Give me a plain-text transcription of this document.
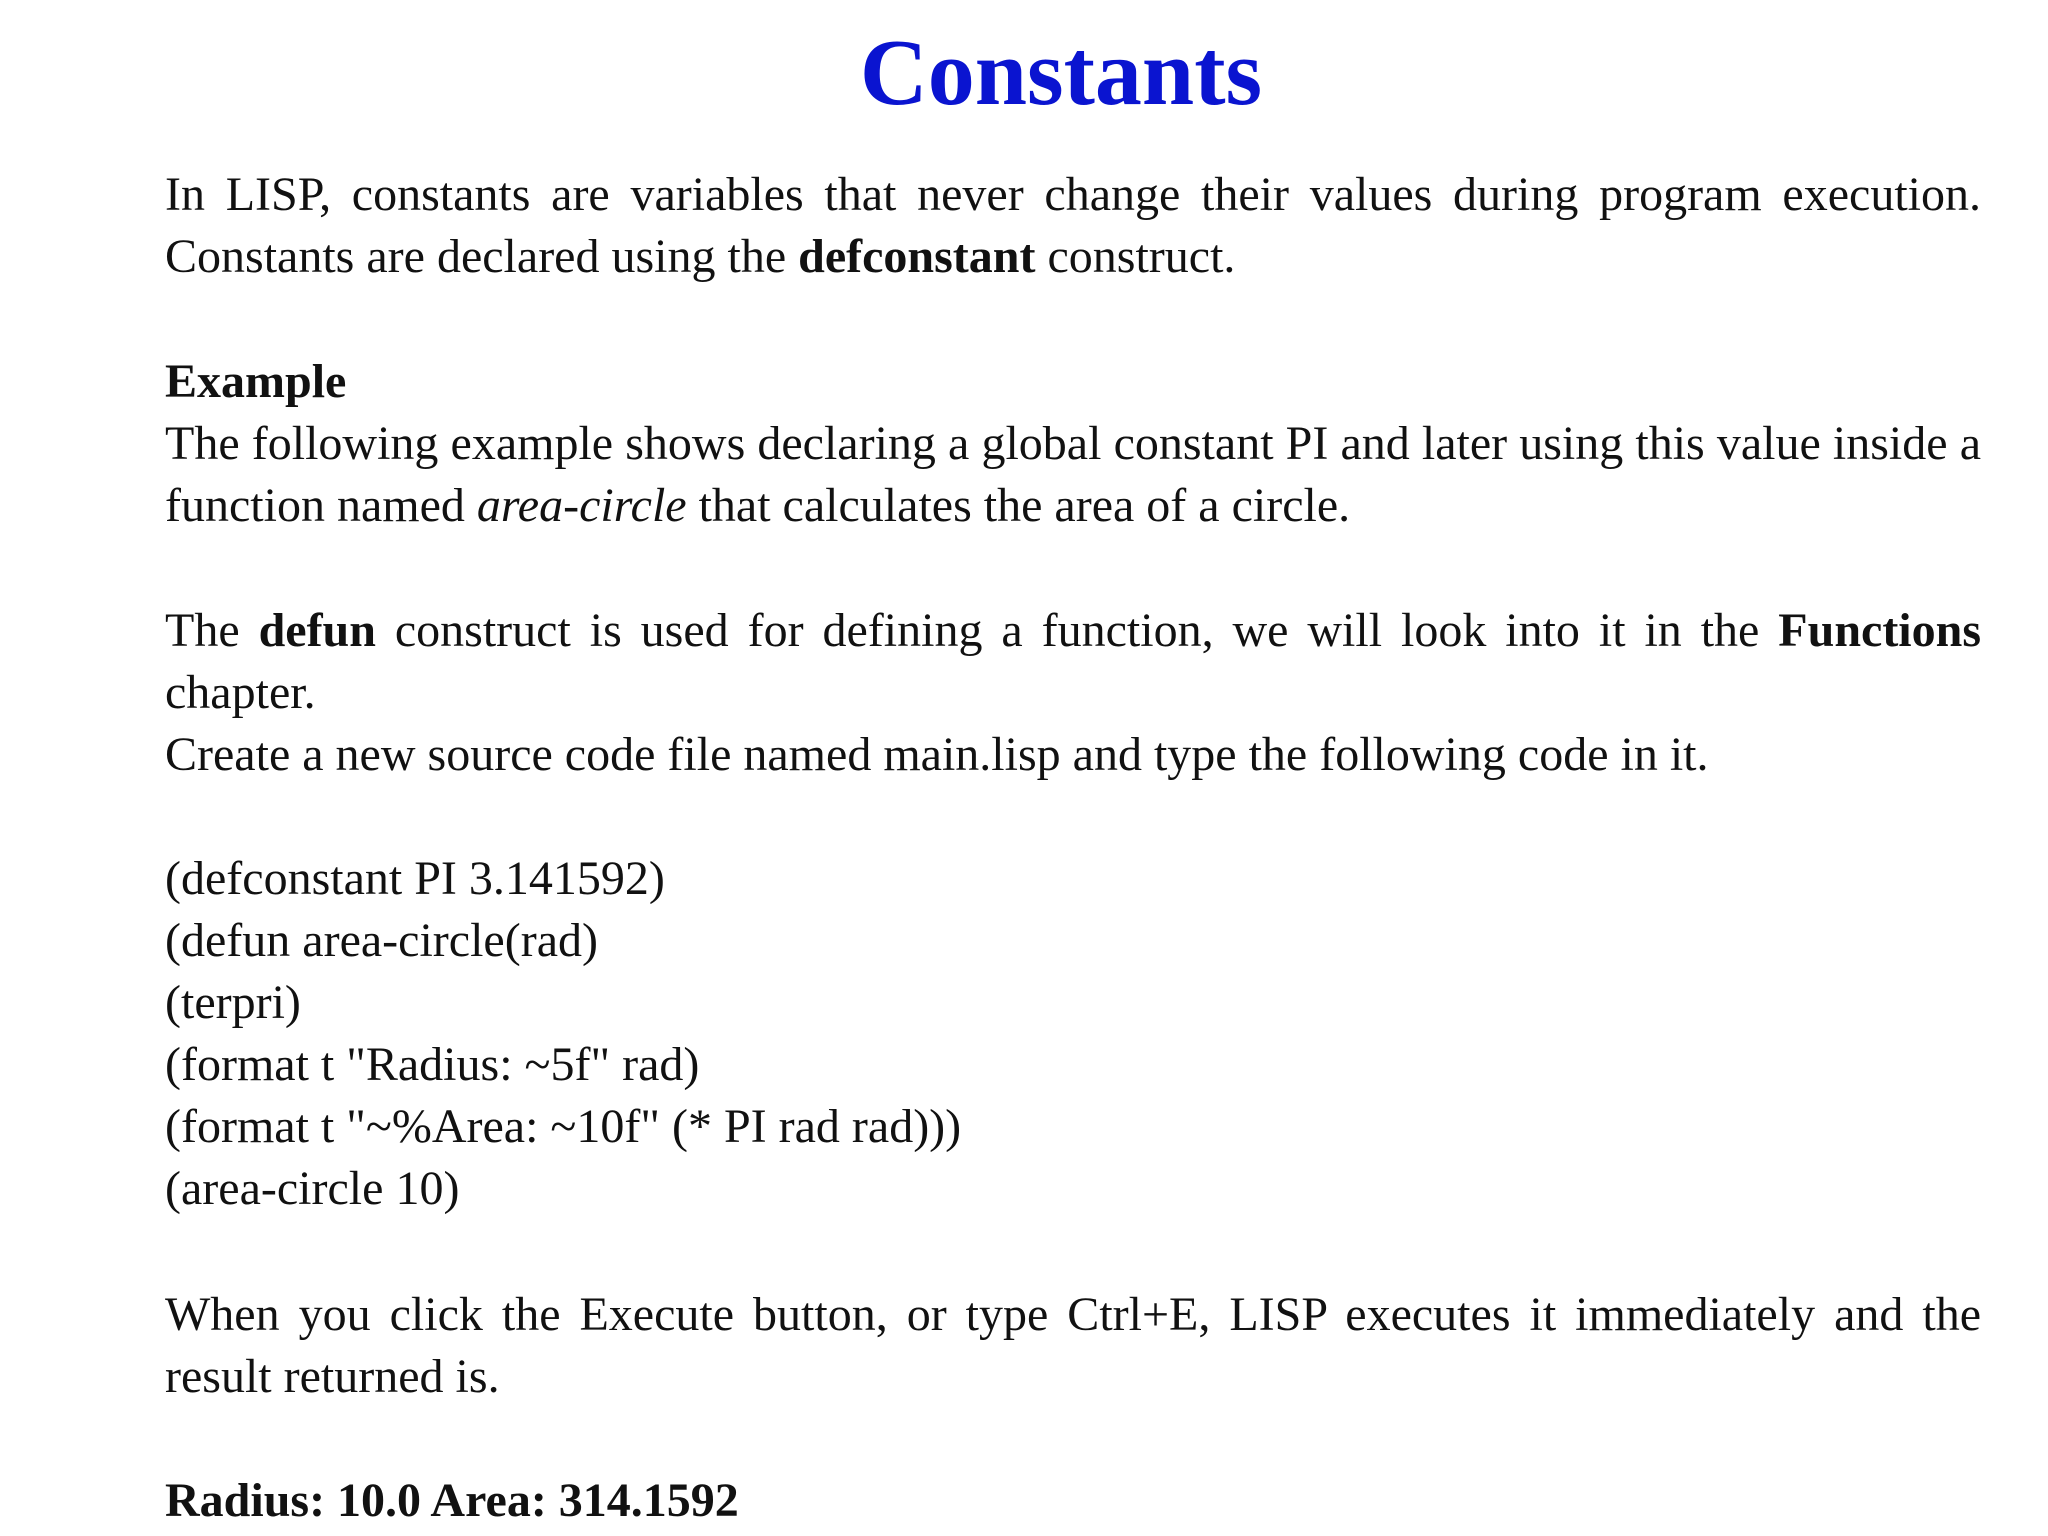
Constants

In LISP, constants are variables that never change their values during program execution. Constants are declared using the defconstant construct.

Example

The following example shows declaring a global constant PI and later using this value inside a function named area-circle that calculates the area of a circle.

The defun construct is used for defining a function, we will look into it in the Functions chapter.

Create a new source code file named main.lisp and type the following code in it.

(defconstant PI 3.141592)
(defun area-circle(rad)
(terpri)
(format t "Radius: ~5f" rad)
(format t "~%Area: ~10f" (* PI rad rad)))
(area-circle 10)

When you click the Execute button, or type Ctrl+E, LISP executes it immediately and the result returned is.

Radius: 10.0 Area: 314.1592
